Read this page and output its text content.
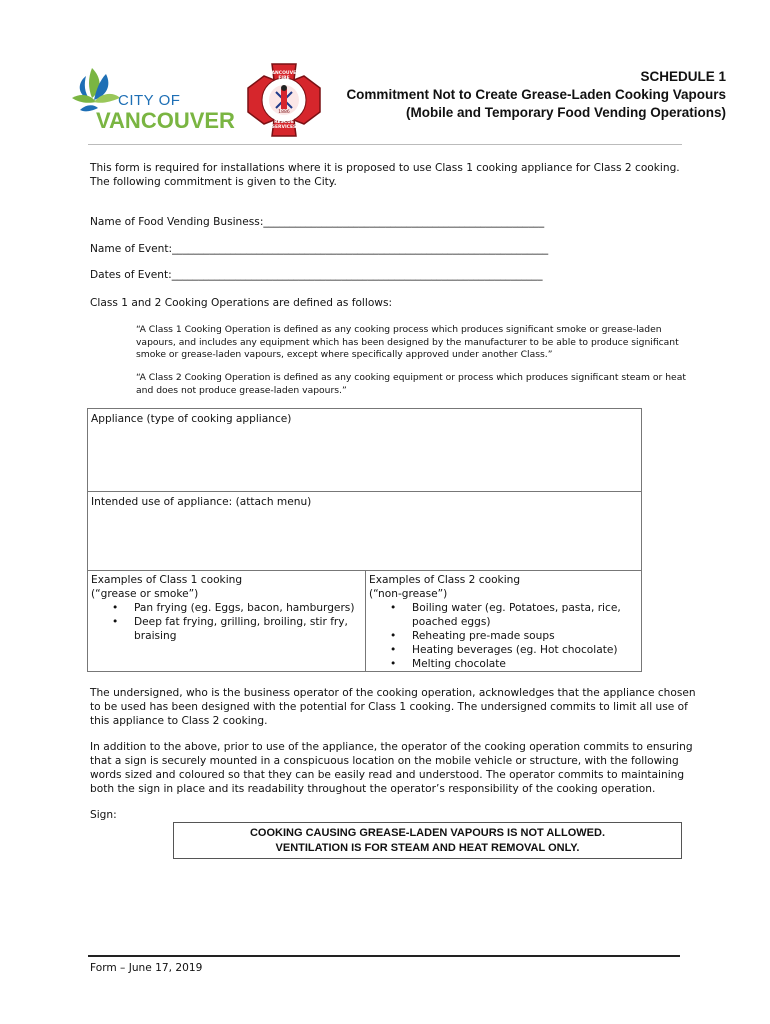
CITY OF
VANCOUVER
VANCOUVER FIRE
RESCUE SERVICES
1886
SCHEDULE 1
Commitment Not to Create Grease-Laden Cooking Vapours
(Mobile and Temporary Food Vending Operations)
This form is required for installations where it is proposed to use Class 1 cooking appliance for Class 2 cooking.
The following commitment is given to the City.
Name of Food Vending Business:_____________________________________________________
Name of Event:_______________________________________________________________________
Dates of Event:______________________________________________________________________
Class 1 and 2 Cooking Operations are defined as follows:
“A Class 1 Cooking Operation is defined as any cooking process which produces significant smoke or grease-laden
vapours, and includes any equipment which has been designed by the manufacturer to be able to produce significant
smoke or grease-laden vapours, except where specifically approved under another Class.”
“A Class 2 Cooking Operation is defined as any cooking equipment or process which produces significant steam or heat
and does not produce grease-laden vapours.”
Appliance (type of cooking appliance)
Intended use of appliance: (attach menu)
Examples of Class 1 cooking
(“grease or smoke”)
• Pan frying (eg. Eggs, bacon, hamburgers)
• Deep fat frying, grilling, broiling, stir fry, braising
Examples of Class 2 cooking
(“non-grease”)
• Boiling water (eg. Potatoes, pasta, rice, poached eggs)
• Reheating pre-made soups
• Heating beverages (eg. Hot chocolate)
• Melting chocolate
The undersigned, who is the business operator of the cooking operation, acknowledges that the appliance chosen
to be used has been designed with the potential for Class 1 cooking. The undersigned commits to limit all use of
this appliance to Class 2 cooking.
In addition to the above, prior to use of the appliance, the operator of the cooking operation commits to ensuring
that a sign is securely mounted in a conspicuous location on the mobile vehicle or structure, with the following
words sized and coloured so that they can be easily read and understood. The operator commits to maintaining
both the sign in place and its readability throughout the operator’s responsibility of the cooking operation.
Sign:
COOKING CAUSING GREASE-LADEN VAPOURS IS NOT ALLOWED.
VENTILATION IS FOR STEAM AND HEAT REMOVAL ONLY.
Form – June 17, 2019
